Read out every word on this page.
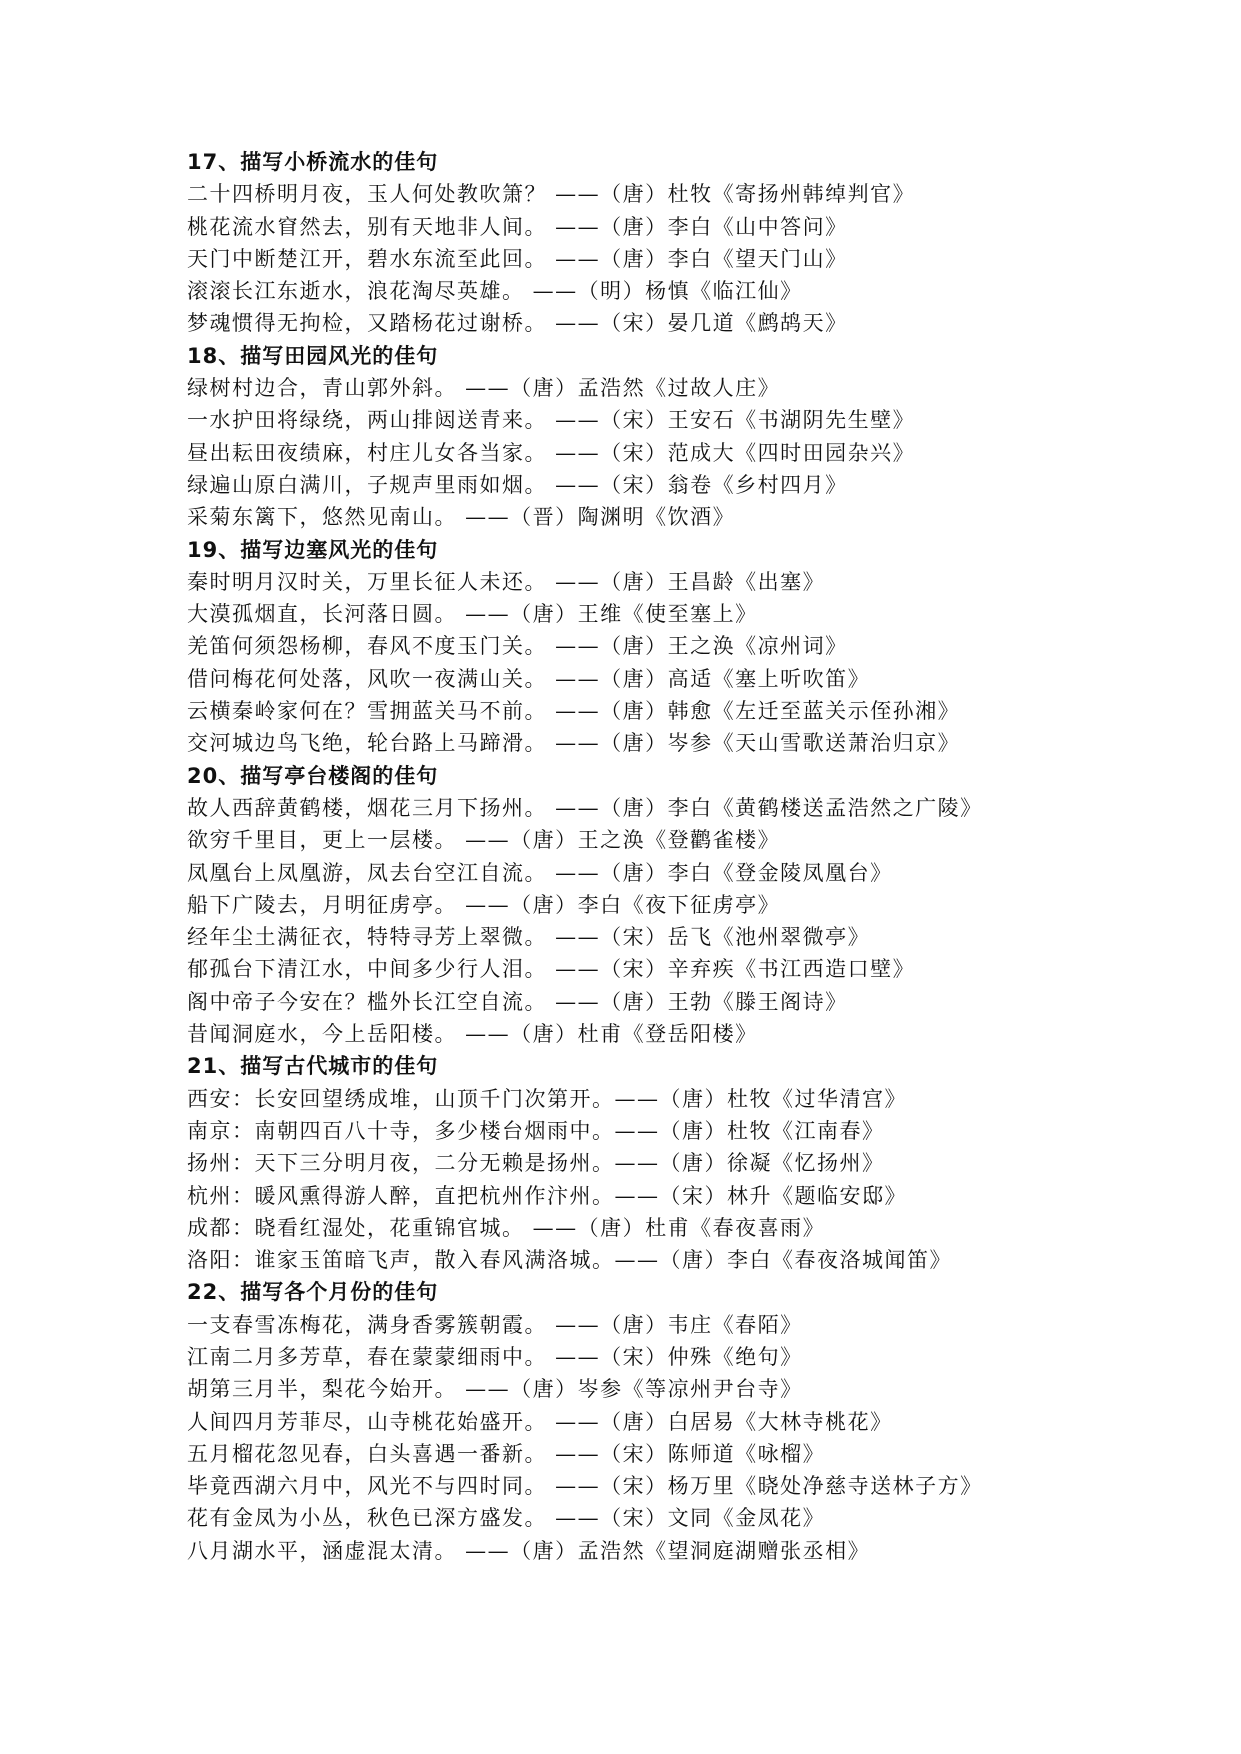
17、描写小桥流水的佳句
二十四桥明月夜，玉人何处教吹箫？ ——（唐）杜牧《寄扬州韩绰判官》
桃花流水窅然去，别有天地非人间。 ——（唐）李白《山中答问》
天门中断楚江开，碧水东流至此回。 ——（唐）李白《望天门山》
滚滚长江东逝水，浪花淘尽英雄。 ——（明）杨慎《临江仙》
梦魂惯得无拘检，又踏杨花过谢桥。 ——（宋）晏几道《鹧鸪天》
18、描写田园风光的佳句
绿树村边合，青山郭外斜。 ——（唐）孟浩然《过故人庄》
一水护田将绿绕，两山排闼送青来。 ——（宋）王安石《书湖阴先生壁》
昼出耘田夜绩麻，村庄儿女各当家。 ——（宋）范成大《四时田园杂兴》
绿遍山原白满川，子规声里雨如烟。 ——（宋）翁卷《乡村四月》
采菊东篱下，悠然见南山。 ——（晋）陶渊明《饮酒》
19、描写边塞风光的佳句
秦时明月汉时关，万里长征人未还。 ——（唐）王昌龄《出塞》
大漠孤烟直，长河落日圆。 ——（唐）王维《使至塞上》
羌笛何须怨杨柳，春风不度玉门关。 ——（唐）王之涣《凉州词》
借问梅花何处落，风吹一夜满山关。 ——（唐）高适《塞上听吹笛》
云横秦岭家何在？雪拥蓝关马不前。 ——（唐）韩愈《左迁至蓝关示侄孙湘》
交河城边鸟飞绝，轮台路上马蹄滑。 ——（唐）岑参《天山雪歌送萧治归京》
20、描写亭台楼阁的佳句
故人西辞黄鹤楼，烟花三月下扬州。 ——（唐）李白《黄鹤楼送孟浩然之广陵》
欲穷千里目，更上一层楼。 ——（唐）王之涣《登鹳雀楼》
凤凰台上凤凰游，凤去台空江自流。 ——（唐）李白《登金陵凤凰台》
船下广陵去，月明征虏亭。 ——（唐）李白《夜下征虏亭》
经年尘土满征衣，特特寻芳上翠微。 ——（宋）岳飞《池州翠微亭》
郁孤台下清江水，中间多少行人泪。 ——（宋）辛弃疾《书江西造口壁》
阁中帝子今安在？槛外长江空自流。 ——（唐）王勃《滕王阁诗》
昔闻洞庭水，今上岳阳楼。 ——（唐）杜甫《登岳阳楼》
21、描写古代城市的佳句
西安：长安回望绣成堆，山顶千门次第开。——（唐）杜牧《过华清宫》
南京：南朝四百八十寺，多少楼台烟雨中。——（唐）杜牧《江南春》
扬州：天下三分明月夜，二分无赖是扬州。——（唐）徐凝《忆扬州》
杭州：暖风熏得游人醉，直把杭州作汴州。——（宋）林升《题临安邸》
成都：晓看红湿处，花重锦官城。 ——（唐）杜甫《春夜喜雨》
洛阳：谁家玉笛暗飞声，散入春风满洛城。——（唐）李白《春夜洛城闻笛》
22、描写各个月份的佳句
一支春雪冻梅花，满身香雾簇朝霞。 ——（唐）韦庄《春陌》
江南二月多芳草，春在蒙蒙细雨中。 ——（宋）仲殊《绝句》
胡第三月半，梨花今始开。 ——（唐）岑参《等凉州尹台寺》
人间四月芳菲尽，山寺桃花始盛开。 ——（唐）白居易《大林寺桃花》
五月榴花忽见春，白头喜遇一番新。 ——（宋）陈师道《咏榴》
毕竟西湖六月中，风光不与四时同。 ——（宋）杨万里《晓处净慈寺送林子方》
花有金凤为小丛，秋色已深方盛发。 ——（宋）文同《金凤花》
八月湖水平，涵虚混太清。 ——（唐）孟浩然《望洞庭湖赠张丞相》
